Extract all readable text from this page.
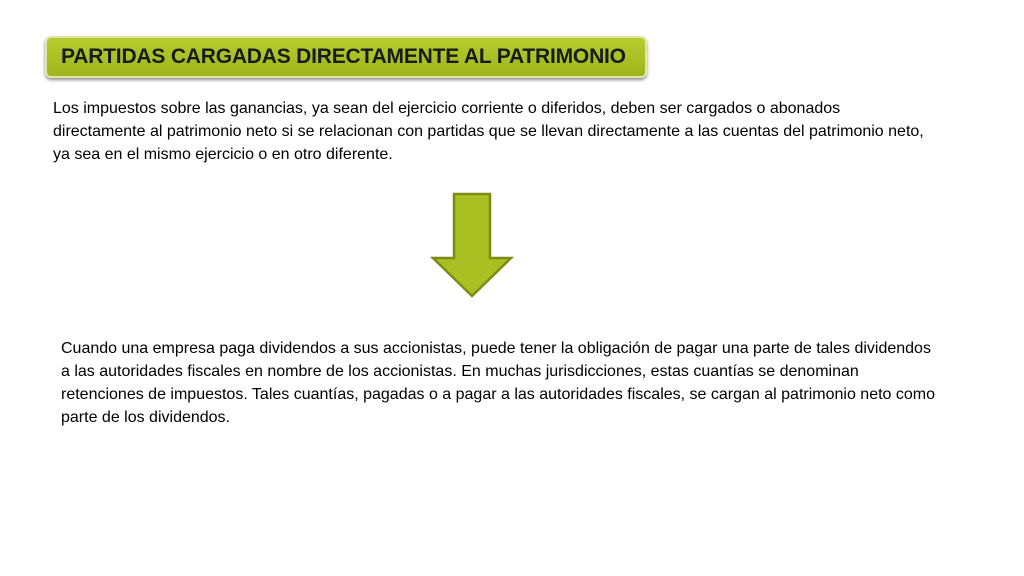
PARTIDAS CARGADAS DIRECTAMENTE AL PATRIMONIO

Los impuestos sobre las ganancias, ya sean del ejercicio corriente o diferidos, deben ser cargados o abonados directamente al patrimonio neto si se relacionan con partidas que se llevan directamente a las cuentas del patrimonio neto, ya sea en el mismo ejercicio o en otro diferente.

Cuando una empresa paga dividendos a sus accionistas, puede tener la obligación de pagar una parte de tales dividendos a las autoridades fiscales en nombre de los accionistas. En muchas jurisdicciones, estas cuantías se denominan retenciones de impuestos. Tales cuantías, pagadas o a pagar a las autoridades fiscales, se cargan al patrimonio neto como parte de los dividendos.
